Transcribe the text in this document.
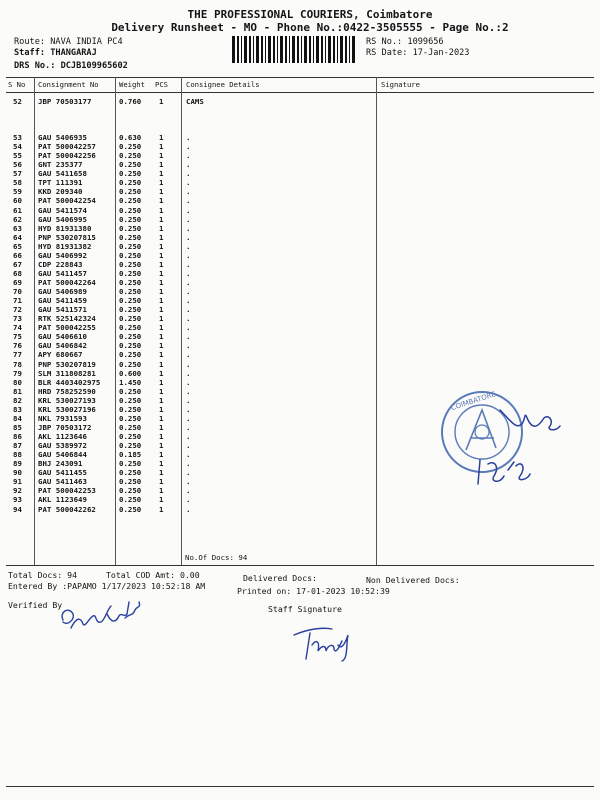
THE PROFESSIONAL COURIERS, Coimbatore
Delivery Runsheet - MO - Phone No.:0422-3505555 - Page No.:2
Route: NAVA INDIA PC4
Staff: THANGARAJ
DRS No.: DCJB109965602
RS No.: 1099656
RS Date: 17-Jan-2023
S No Consignment No	Weight PCS	Consignee Details	Signature
52 JBP 70503177	0.760 1	CAMS
53 GAU 5406935	0.630 1	.
54 PAT 500042257	0.250 1	.
55 PAT 500042256	0.250 1	.
56 GNT 235377	0.250 1	.
57 GAU 5411658	0.250 1	.
58 TPT 111391	0.250 1	.
59 KKD 209340	0.250 1	.
60 PAT 500042254	0.250 1	.
61 GAU 5411574	0.250 1	.
62 GAU 5406995	0.250 1	.
63 HYD 81931380	0.250 1	.
64 PNP 530207815	0.250 1	.
65 HYD 81931382	0.250 1	.
66 GAU 5406992	0.250 1	.
67 CDP 228843	0.250 1	.
68 GAU 5411457	0.250 1	.
69 PAT 500042264	0.250 1	.
70 GAU 5406989	0.250 1	.
71 GAU 5411459	0.250 1	.
72 GAU 5411571	0.250 1	.
73 RTK 525142324	0.250 1	.
74 PAT 500042255	0.250 1	.
75 GAU 5406610	0.250 1	.
76 GAU 5406842	0.250 1	.
77 APY 680667	0.250 1	.
78 PNP 530207819	0.250 1	.
79 SLM 311808281	0.600 1	.
80 BLR 4403402975	1.450 1	.
81 HRD 758252590	0.250 1	.
82 KRL 530027193	0.250 1	.
83 KRL 530027196	0.250 1	.
84 NKL 7931593	0.250 1	.
85 JBP 70503172	0.250 1	.
86 AKL 1123646	0.250 1	.
87 GAU 5389972	0.250 1	.
88 GAU 5406844	0.185 1	.
89 BHJ 243091	0.250 1	.
90 GAU 5411455	0.250 1	.
91 GAU 5411463	0.250 1	.
92 PAT 500042253	0.250 1	.
93 AKL 1123649	0.250 1	.
94 PAT 500042262	0.250 1	.
No.Of Docs: 94
Total Docs: 94	Total COD Amt: 0.00	Delivered Docs:	Non Delivered Docs:
Entered By :PAPAMO 1/17/2023 10:52:18 AM	Printed on: 17-01-2023 10:52:39
Verified By	Staff Signature
COIMBATORE
